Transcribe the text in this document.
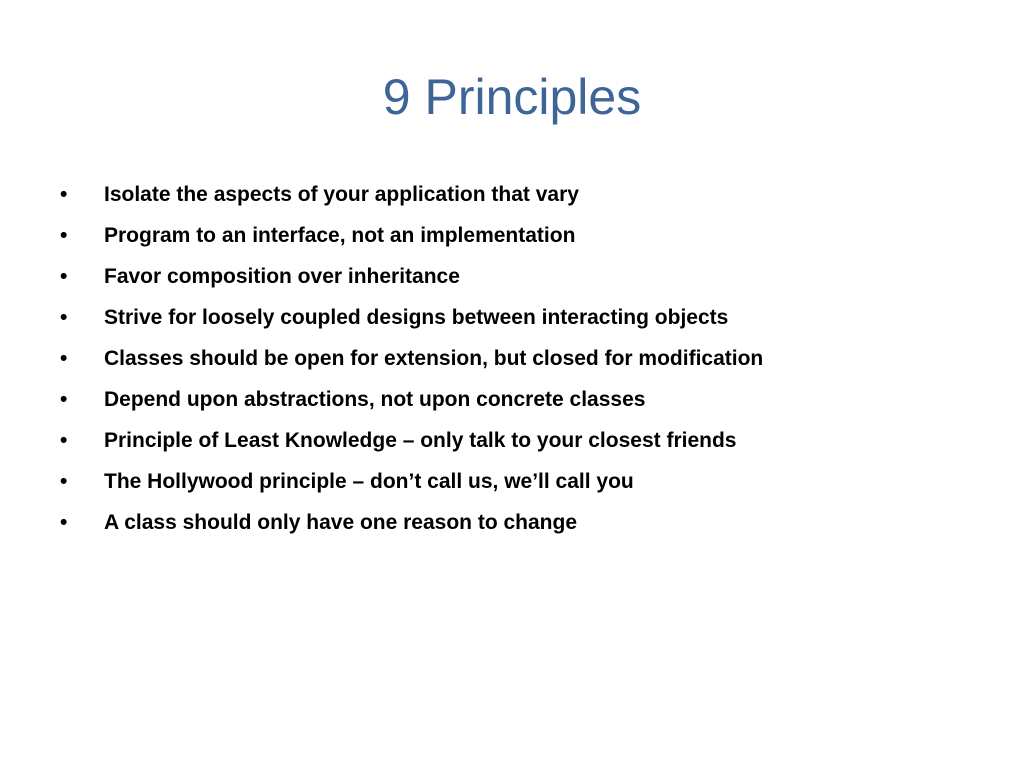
9 Principles
•	Isolate the aspects of your application that vary
•	Program to an interface, not an implementation
•	Favor composition over inheritance
•	Strive for loosely coupled designs between interacting objects
•	Classes should be open for extension, but closed for modification
•	Depend upon abstractions, not upon concrete classes
•	Principle of Least Knowledge – only talk to your closest friends
•	The Hollywood principle – don’t call us, we’ll call you
•	A class should only have one reason to change
